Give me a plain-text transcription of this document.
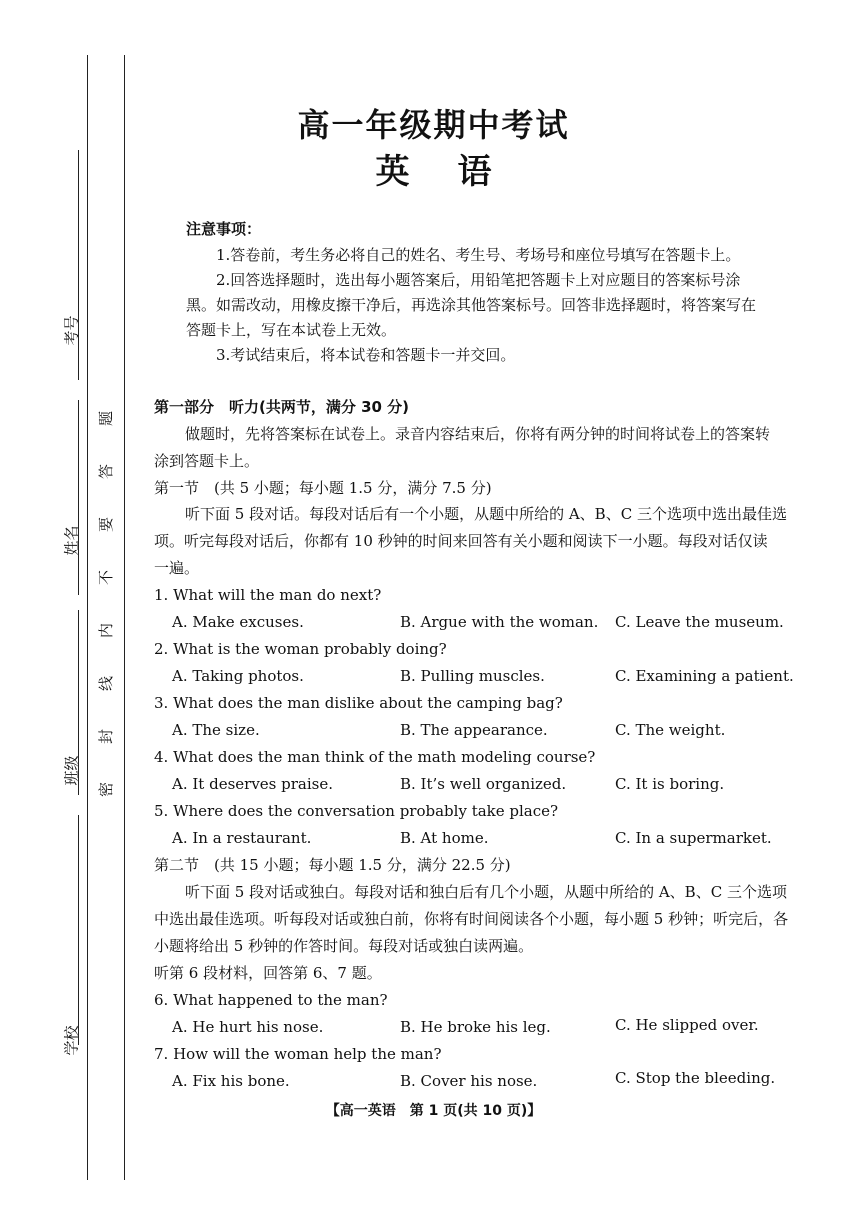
考号
姓名
班级
学校
题
答
要
不
内
线
封
密
高一年级期中考试
英语
注意事项：
1.答卷前，考生务必将自己的姓名、考生号、考场号和座位号填写在答题卡上。
2.回答选择题时，选出每小题答案后，用铅笔把答题卡上对应题目的答案标号涂
黑。如需改动，用橡皮擦干净后，再选涂其他答案标号。回答非选择题时，将答案写在
答题卡上，写在本试卷上无效。
3.考试结束后，将本试卷和答题卡一并交回。
第一部分　听力(共两节，满分 30 分)
做题时，先将答案标在试卷上。录音内容结束后，你将有两分钟的时间将试卷上的答案转
涂到答题卡上。
第一节　(共 5 小题；每小题 1.5 分，满分 7.5 分)
听下面 5 段对话。每段对话后有一个小题，从题中所给的 A、B、C 三个选项中选出最佳选
项。听完每段对话后，你都有 10 秒钟的时间来回答有关小题和阅读下一小题。每段对话仅读
一遍。
1. What will the man do next?
A. Make excuses.	B. Argue with the woman. C. Leave the museum.
2. What is the woman probably doing?
A. Taking photos.	B. Pulling muscles.	C. Examining a patient.
3. What does the man dislike about the camping bag?
A. The size.	B. The appearance.	C. The weight.
4. What does the man think of the math modeling course?
A. It deserves praise.	B. It’s well organized.	C. It is boring.
5. Where does the conversation probably take place?
A. In a restaurant.	B. At home.	C. In a supermarket.
第二节　(共 15 小题；每小题 1.5 分，满分 22.5 分)
听下面 5 段对话或独白。每段对话和独白后有几个小题，从题中所给的 A、B、C 三个选项
中选出最佳选项。听每段对话或独白前，你将有时间阅读各个小题，每小题 5 秒钟；听完后，各
小题将给出 5 秒钟的作答时间。每段对话或独白读两遍。
听第 6 段材料，回答第 6、7 题。
6. What happened to the man?
A. He hurt his nose.	B. He broke his leg.	C. He slipped over.
7. How will the woman help the man?
A. Fix his bone.	B. Cover his nose.	C. Stop the bleeding.
【高一英语　第 1 页(共 10 页)】
